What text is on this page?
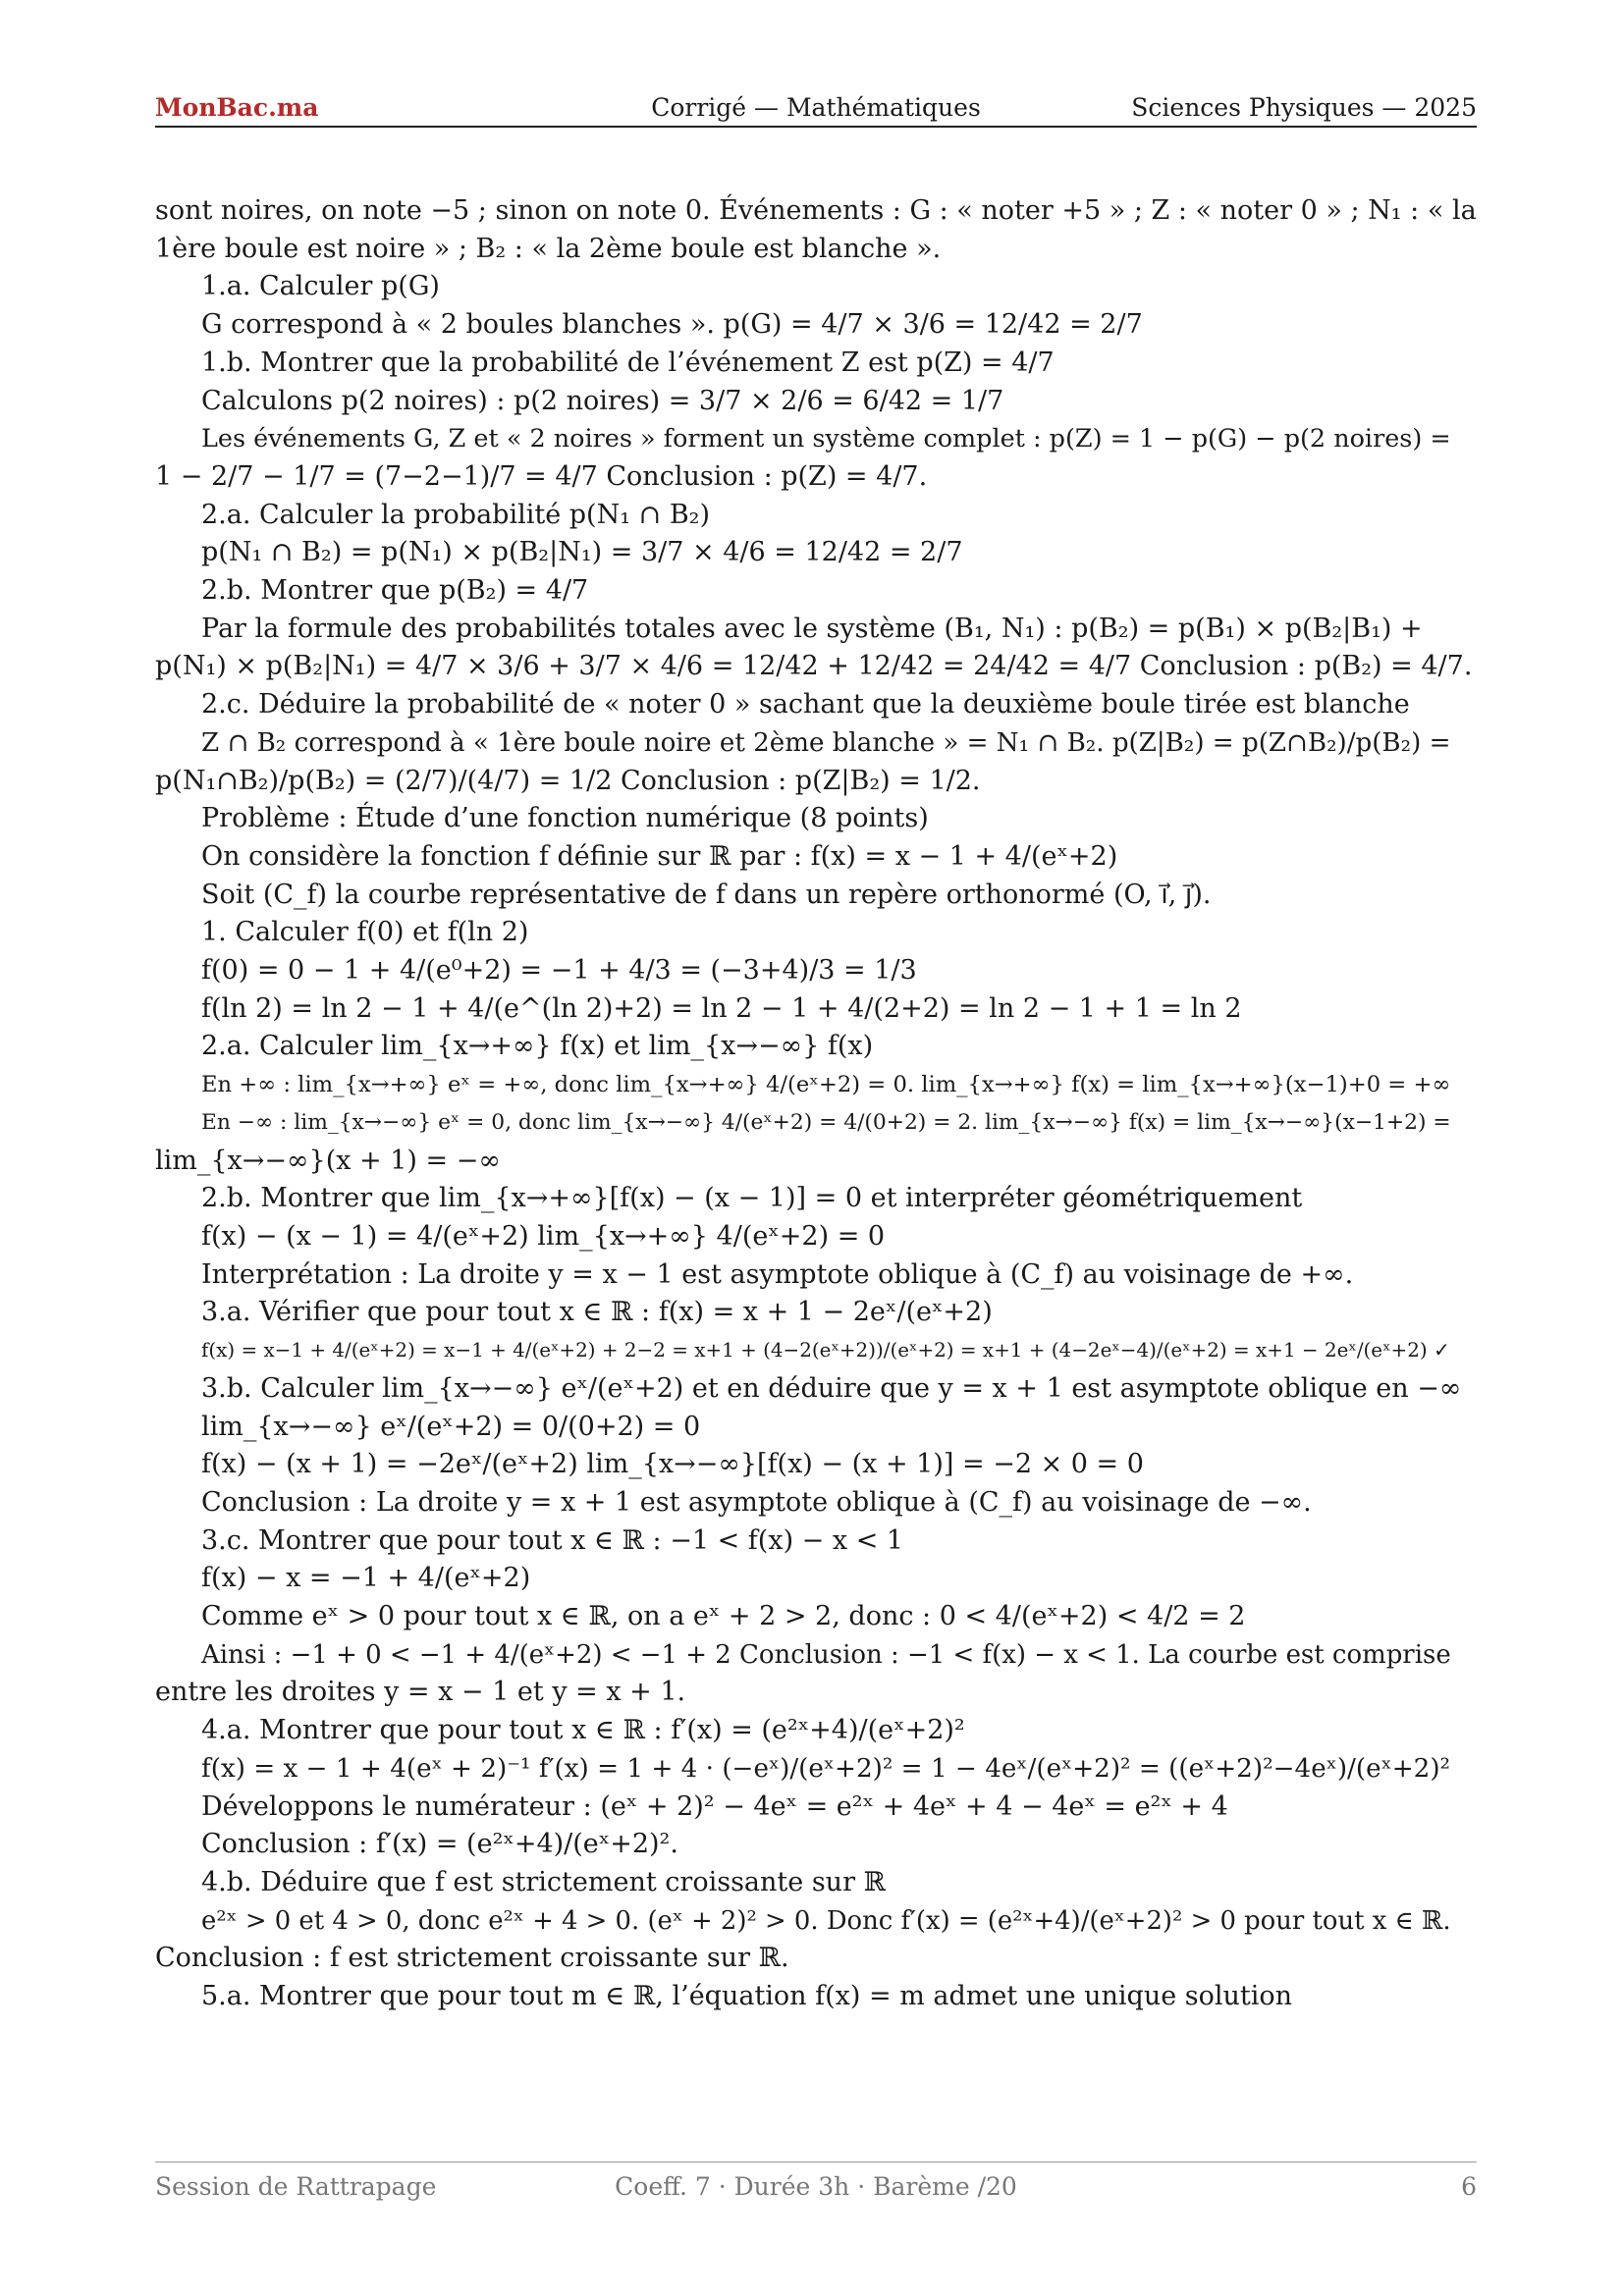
Corrigé — Mathématiques
MonBac.ma	Sciences Physiques — 2025
sont noires, on note −5 ; sinon on note 0. Événements : G : « noter +5 » ; Z : « noter 0 » ; N₁ : « la
1ère boule est noire » ; B₂ : « la 2ème boule est blanche ».
1.a. Calculer p(G)
G correspond à « 2 boules blanches ». p(G) = 4/7 × 3/6 = 12/42 = 2/7
1.b. Montrer que la probabilité de l’événement Z est p(Z) = 4/7
Calculons p(2 noires) : p(2 noires) = 3/7 × 2/6 = 6/42 = 1/7
Les événements G, Z et « 2 noires » forment un système complet : p(Z) = 1 − p(G) − p(2 noires) =
1 − 2/7 − 1/7 = (7−2−1)/7 = 4/7 Conclusion : p(Z) = 4/7.
2.a. Calculer la probabilité p(N₁ ∩ B₂)
p(N₁ ∩ B₂) = p(N₁) × p(B₂|N₁) = 3/7 × 4/6 = 12/42 = 2/7
2.b. Montrer que p(B₂) = 4/7
Par la formule des probabilités totales avec le système (B₁, N₁) : p(B₂) = p(B₁) × p(B₂|B₁) +
p(N₁) × p(B₂|N₁) = 4/7 × 3/6 + 3/7 × 4/6 = 12/42 + 12/42 = 24/42 = 4/7 Conclusion : p(B₂) = 4/7.
2.c. Déduire la probabilité de « noter 0 » sachant que la deuxième boule tirée est blanche
Z ∩ B₂ correspond à « 1ère boule noire et 2ème blanche » = N₁ ∩ B₂. p(Z|B₂) = p(Z∩B₂)/p(B₂) =
p(N₁∩B₂)/p(B₂) = (2/7)/(4/7) = 1/2 Conclusion : p(Z|B₂) = 1/2.
Problème : Étude d’une fonction numérique (8 points)
On considère la fonction f définie sur ℝ par : f(x) = x − 1 + 4/(eˣ+2)
Soit (C_f) la courbe représentative de f dans un repère orthonormé (O, i⃗, j⃗).
1. Calculer f(0) et f(ln 2)
f(0) = 0 − 1 + 4/(e⁰+2) = −1 + 4/3 = (−3+4)/3 = 1/3
f(ln 2) = ln 2 − 1 + 4/(e^(ln 2)+2) = ln 2 − 1 + 4/(2+2) = ln 2 − 1 + 1 = ln 2
2.a. Calculer lim_{x→+∞} f(x) et lim_{x→−∞} f(x)
En +∞ : lim_{x→+∞} eˣ = +∞, donc lim_{x→+∞} 4/(eˣ+2) = 0. lim_{x→+∞} f(x) = lim_{x→+∞}(x−1)+0 = +∞
En −∞ : lim_{x→−∞} eˣ = 0, donc lim_{x→−∞} 4/(eˣ+2) = 4/(0+2) = 2. lim_{x→−∞} f(x) = lim_{x→−∞}(x−1+2) =
lim_{x→−∞}(x + 1) = −∞
2.b. Montrer que lim_{x→+∞}[f(x) − (x − 1)] = 0 et interpréter géométriquement
f(x) − (x − 1) = 4/(eˣ+2) lim_{x→+∞} 4/(eˣ+2) = 0
Interprétation : La droite y = x − 1 est asymptote oblique à (C_f) au voisinage de +∞.
3.a. Vérifier que pour tout x ∈ ℝ : f(x) = x + 1 − 2eˣ/(eˣ+2)
f(x) = x−1 + 4/(eˣ+2) = x−1 + 4/(eˣ+2) + 2−2 = x+1 + (4−2(eˣ+2))/(eˣ+2) = x+1 + (4−2eˣ−4)/(eˣ+2) = x+1 − 2eˣ/(eˣ+2) ✓
3.b. Calculer lim_{x→−∞} eˣ/(eˣ+2) et en déduire que y = x + 1 est asymptote oblique en −∞
lim_{x→−∞} eˣ/(eˣ+2) = 0/(0+2) = 0
f(x) − (x + 1) = −2eˣ/(eˣ+2) lim_{x→−∞}[f(x) − (x + 1)] = −2 × 0 = 0
Conclusion : La droite y = x + 1 est asymptote oblique à (C_f) au voisinage de −∞.
3.c. Montrer que pour tout x ∈ ℝ : −1 < f(x) − x < 1
f(x) − x = −1 + 4/(eˣ+2)
Comme eˣ > 0 pour tout x ∈ ℝ, on a eˣ + 2 > 2, donc : 0 < 4/(eˣ+2) < 4/2 = 2
Ainsi : −1 + 0 < −1 + 4/(eˣ+2) < −1 + 2 Conclusion : −1 < f(x) − x < 1. La courbe est comprise
entre les droites y = x − 1 et y = x + 1.
4.a. Montrer que pour tout x ∈ ℝ : f′(x) = (e²ˣ+4)/(eˣ+2)²
f(x) = x − 1 + 4(eˣ + 2)⁻¹ f′(x) = 1 + 4 · (−eˣ)/(eˣ+2)² = 1 − 4eˣ/(eˣ+2)² = ((eˣ+2)²−4eˣ)/(eˣ+2)²
Développons le numérateur : (eˣ + 2)² − 4eˣ = e²ˣ + 4eˣ + 4 − 4eˣ = e²ˣ + 4
Conclusion : f′(x) = (e²ˣ+4)/(eˣ+2)².
4.b. Déduire que f est strictement croissante sur ℝ
e²ˣ > 0 et 4 > 0, donc e²ˣ + 4 > 0. (eˣ + 2)² > 0. Donc f′(x) = (e²ˣ+4)/(eˣ+2)² > 0 pour tout x ∈ ℝ.
Conclusion : f est strictement croissante sur ℝ.
5.a. Montrer que pour tout m ∈ ℝ, l’équation f(x) = m admet une unique solution
Session de Rattrapage	Coeff. 7 · Durée 3h · Barème /20	6
